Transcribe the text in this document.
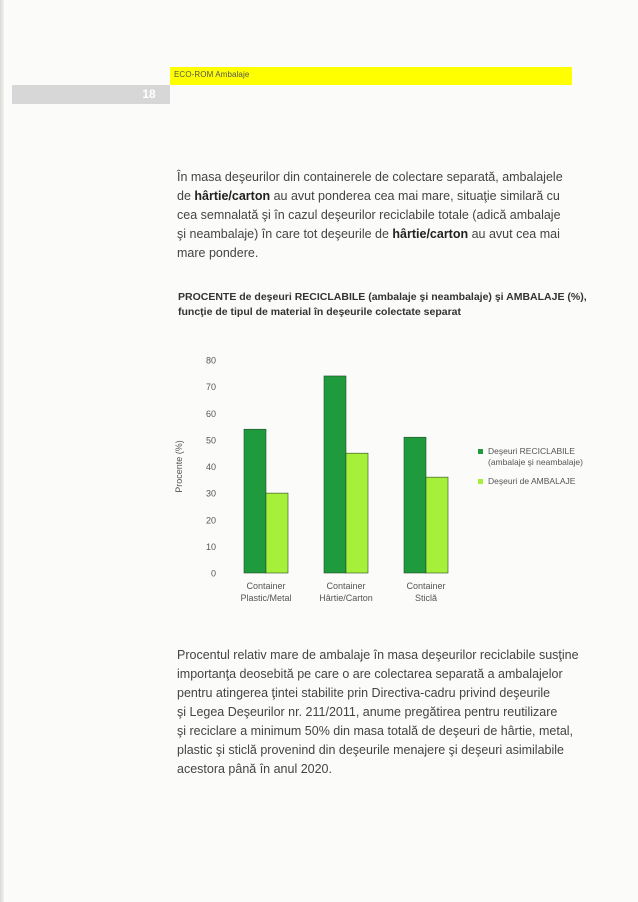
ECO-ROM Ambalaje
18
În masa deşeurilor din containerele de colectare separată, ambalajele
de hârtie/carton au avut ponderea cea mai mare, situaţie similară cu
cea semnalată şi în cazul deşeurilor reciclabile totale (adică ambalaje
şi neambalaje) în care tot deşeurile de hârtie/carton au avut cea mai
mare pondere.
PROCENTE de deşeuri RECICLABILE (ambalaje şi neambalaje) şi AMBALAJE (%),
funcţie de tipul de material în deşeurile colectate separat
Procente (%)
0
10
20
30
40
50
60
70
80
Container
Plastic/Metal
Container
Hârtie/Carton
Container
Sticlă
Deşeuri RECICLABILE
(ambalaje şi neambalaje)
Deşeuri de AMBALAJE
Procentul relativ mare de ambalaje în masa deşeurilor reciclabile susţine
importanţa deosebită pe care o are colectarea separată a ambalajelor
pentru atingerea ţintei stabilite prin Directiva-cadru privind deşeurile
şi Legea Deşeurilor nr. 211/2011, anume pregătirea pentru reutilizare
şi reciclare a minimum 50% din masa totală de deşeuri de hârtie, metal,
plastic şi sticlă provenind din deşeurile menajere şi deşeuri asimilabile
acestora până în anul 2020.
